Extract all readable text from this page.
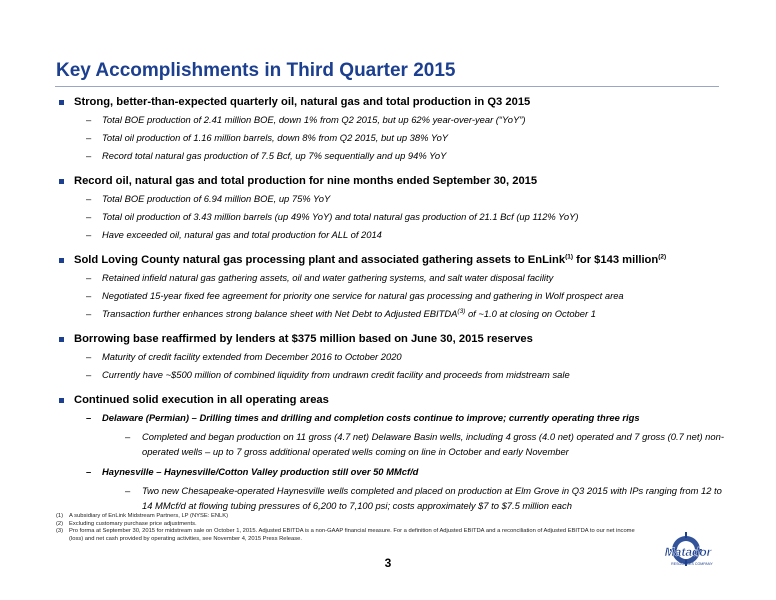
Key Accomplishments in Third Quarter 2015
Strong, better-than-expected quarterly oil, natural gas and total production in Q3 2015
– Total BOE production of 2.41 million BOE, down 1% from Q2 2015, but up 62% year-over-year (“YoY”)
– Total oil production of 1.16 million barrels, down 8% from Q2 2015, but up 38% YoY
– Record total natural gas production of 7.5 Bcf, up 7% sequentially and up 94% YoY
Record oil, natural gas and total production for nine months ended September 30, 2015
– Total BOE production of 6.94 million BOE, up 75% YoY
– Total oil production of 3.43 million barrels (up 49% YoY) and total natural gas production of 21.1 Bcf (up 112% YoY)
– Have exceeded oil, natural gas and total production for ALL of 2014
Sold Loving County natural gas processing plant and associated gathering assets to EnLink$^{(1)}$ for $143 million$^{(2)}$
– Retained infield natural gas gathering assets, oil and water gathering systems, and salt water disposal facility
– Negotiated 15-year fixed fee agreement for priority one service for natural gas processing and gathering in Wolf prospect area
– Transaction further enhances strong balance sheet with Net Debt to Adjusted EBITDA$^{(3)}$ of ~1.0 at closing on October 1
Borrowing base reaffirmed by lenders at $375 million based on June 30, 2015 reserves
– Maturity of credit facility extended from December 2016 to October 2020
– Currently have ~$500 million of combined liquidity from undrawn credit facility and proceeds from midstream sale
Continued solid execution in all operating areas
– Delaware (Permian) – Drilling times and drilling and completion costs continue to improve; currently operating three rigs
– Completed and began production on 11 gross (4.7 net) Delaware Basin wells, including 4 gross (4.0 net) operated and 7 gross (0.7 net) non-operated wells – up to 7 gross additional operated wells coming on line in October and early November
– Haynesville – Haynesville/Cotton Valley production still over 50 MMcf/d
– Two new Chesapeake-operated Haynesville wells completed and placed on production at Elm Grove in Q3 2015 with IPs ranging from 12 to 14 MMcf/d at flowing tubing pressures of 6,200 to 7,100 psi; costs approximately $7 to $7.5 million each
(1) A subsidiary of EnLink Midstream Partners, LP (NYSE: ENLK)
(2) Excluding customary purchase price adjustments.
(3) Pro forma at September 30, 2015 for midstream sale on October 1, 2015. Adjusted EBITDA is a non-GAAP financial measure. For a definition of Adjusted EBITDA and a reconciliation of Adjusted EBITDA to our net income (loss) and net cash provided by operating activities, see November 4, 2015 Press Release.
3
Matador
RESOURCES COMPANY
